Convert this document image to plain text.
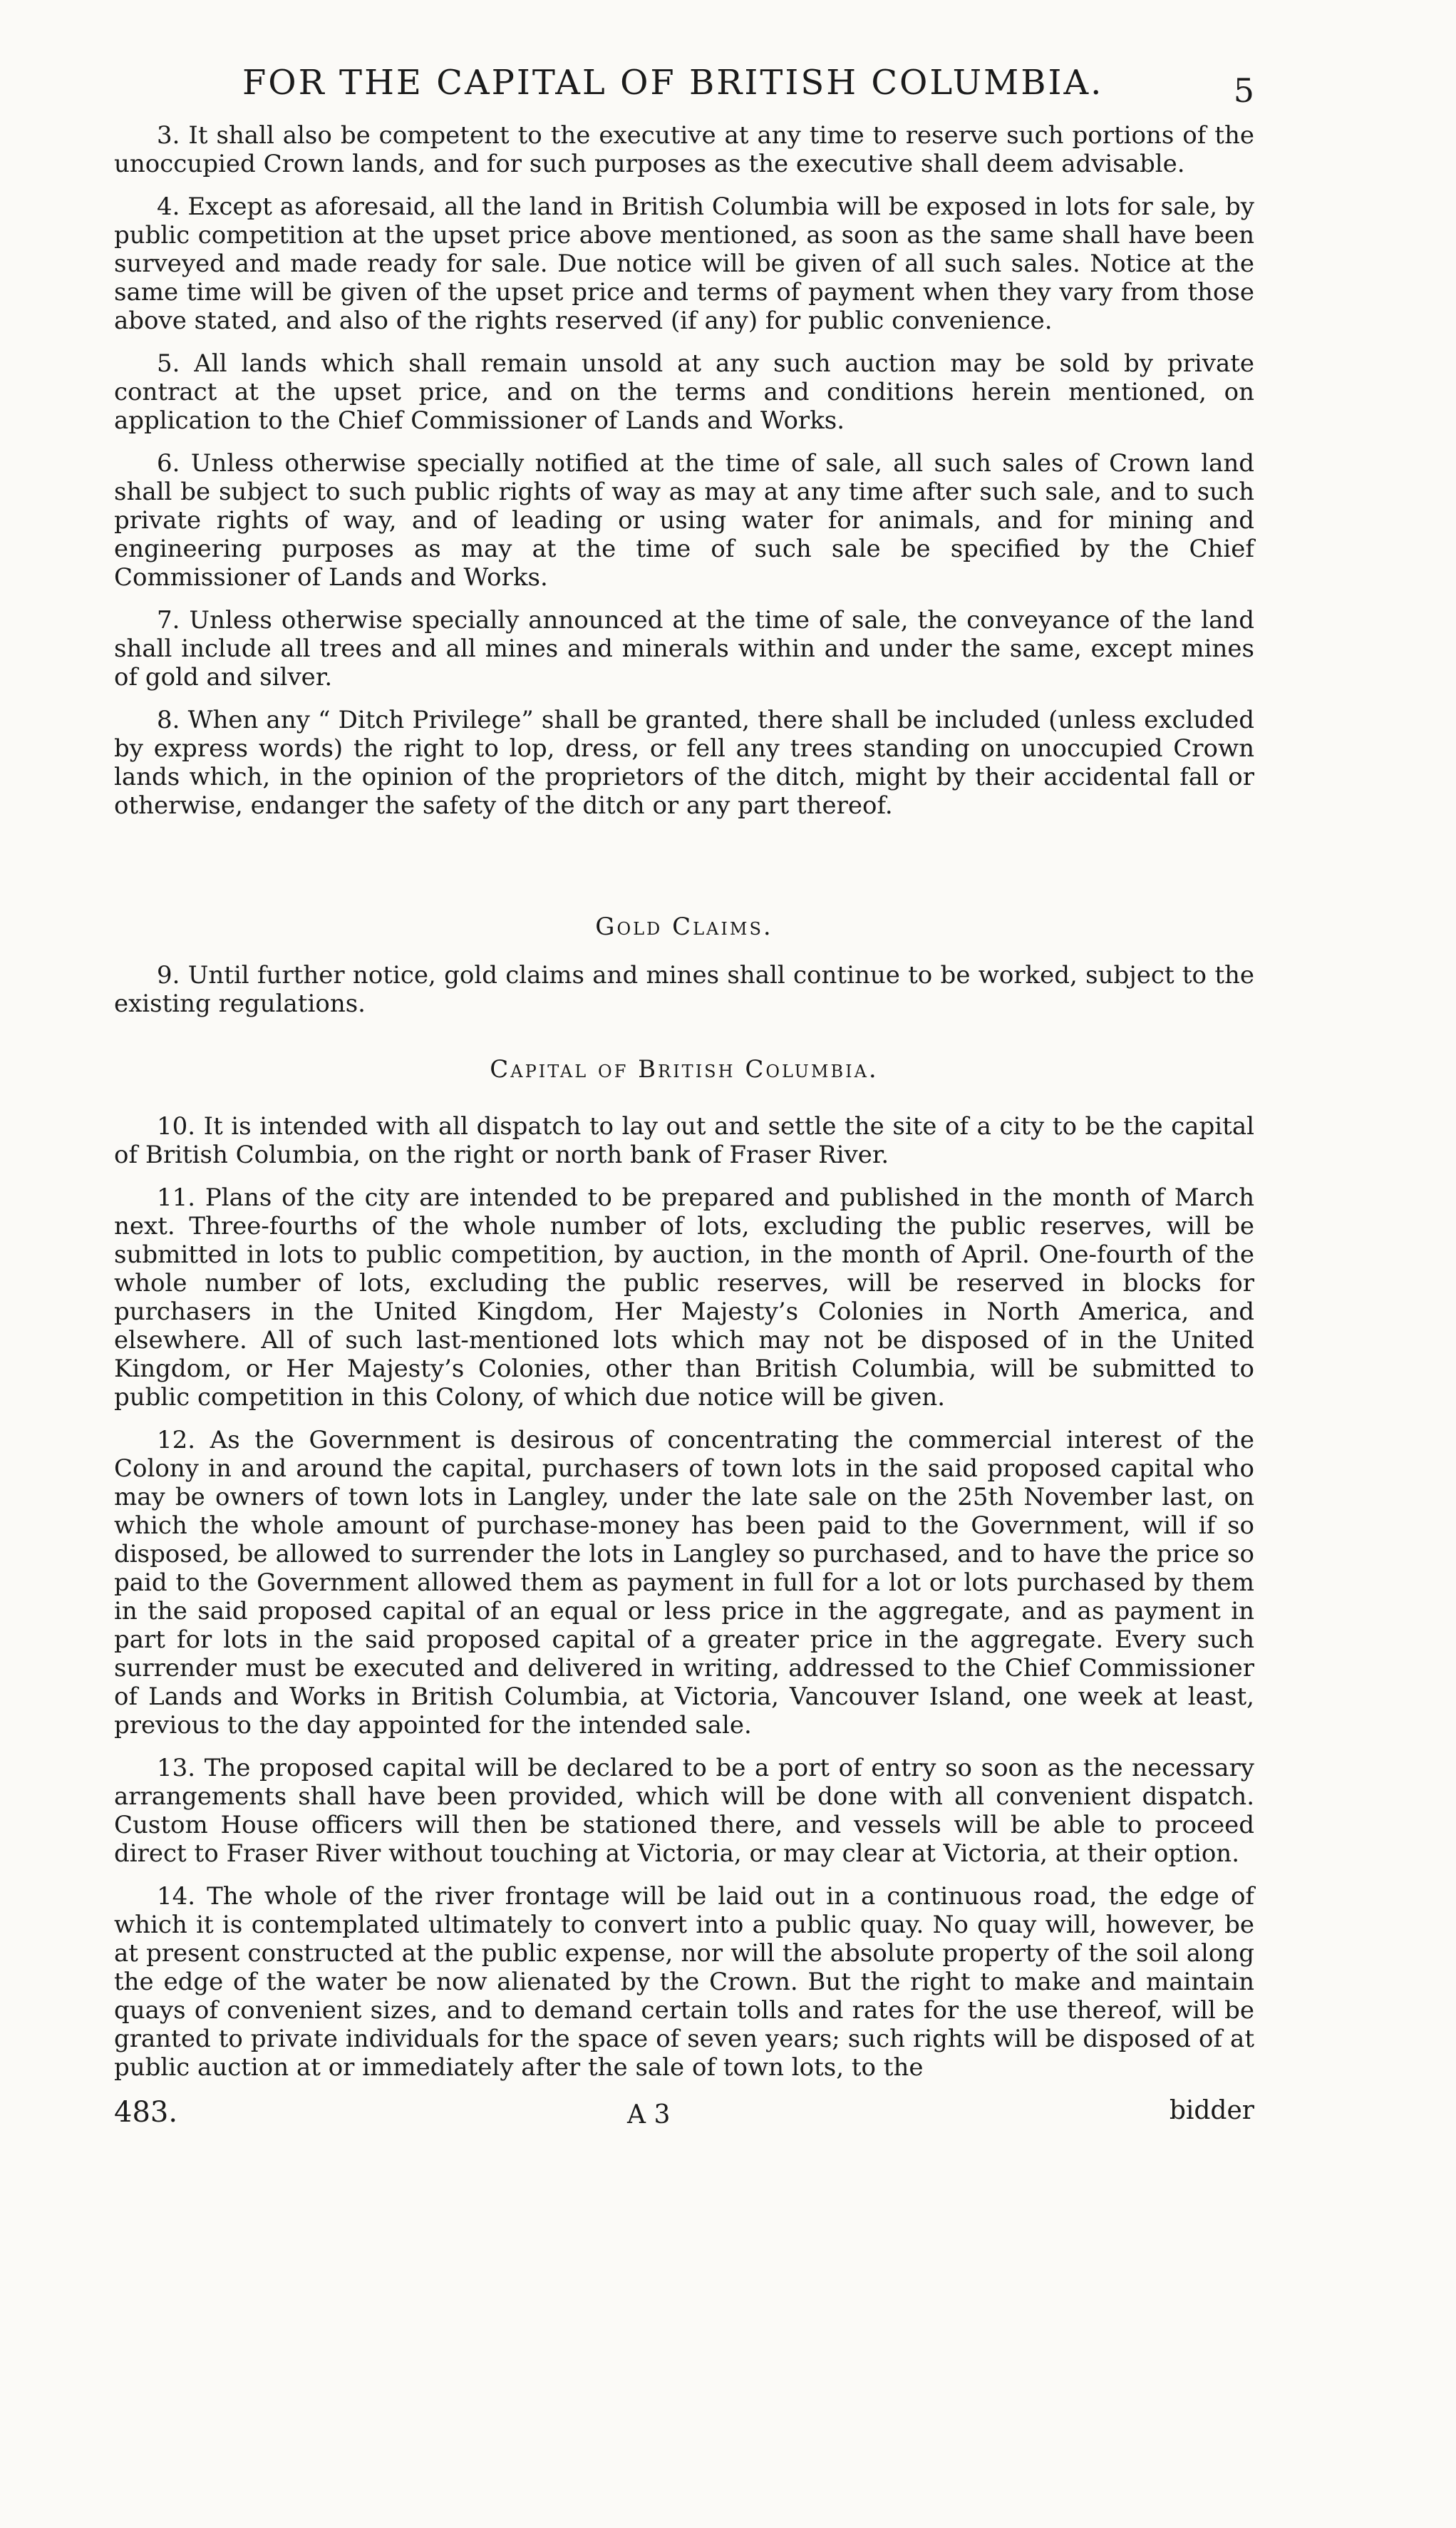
FOR THE CAPITAL OF BRITISH COLUMBIA.	5

3. It shall also be competent to the executive at any time to reserve such portions of the unoccupied Crown lands, and for such purposes as the executive shall deem advisable.

4. Except as aforesaid, all the land in British Columbia will be exposed in lots for sale, by public competition at the upset price above mentioned, as soon as the same shall have been surveyed and made ready for sale. Due notice will be given of all such sales. Notice at the same time will be given of the upset price and terms of payment when they vary from those above stated, and also of the rights reserved (if any) for public convenience.

5. All lands which shall remain unsold at any such auction may be sold by private contract at the upset price, and on the terms and conditions herein mentioned, on application to the Chief Commissioner of Lands and Works.

6. Unless otherwise specially notified at the time of sale, all such sales of Crown land shall be subject to such public rights of way as may at any time after such sale, and to such private rights of way, and of leading or using water for animals, and for mining and engineering purposes as may at the time of such sale be specified by the Chief Commissioner of Lands and Works.

7. Unless otherwise specially announced at the time of sale, the conveyance of the land shall include all trees and all mines and minerals within and under the same, except mines of gold and silver.

8. When any “ Ditch Privilege” shall be granted, there shall be included (unless excluded by express words) the right to lop, dress, or fell any trees standing on unoccupied Crown lands which, in the opinion of the proprietors of the ditch, might by their accidental fall or otherwise, endanger the safety of the ditch or any part thereof.

Gold Claims.

9. Until further notice, gold claims and mines shall continue to be worked, subject to the existing regulations.

Capital of British Columbia.

10. It is intended with all dispatch to lay out and settle the site of a city to be the capital of British Columbia, on the right or north bank of Fraser River.

11. Plans of the city are intended to be prepared and published in the month of March next. Three-fourths of the whole number of lots, excluding the public reserves, will be submitted in lots to public competition, by auction, in the month of April. One-fourth of the whole number of lots, excluding the public reserves, will be reserved in blocks for purchasers in the United Kingdom, Her Majesty’s Colonies in North America, and elsewhere. All of such last-mentioned lots which may not be disposed of in the United Kingdom, or Her Majesty’s Colonies, other than British Columbia, will be submitted to public competition in this Colony, of which due notice will be given.

12. As the Government is desirous of concentrating the commercial interest of the Colony in and around the capital, purchasers of town lots in the said proposed capital who may be owners of town lots in Langley, under the late sale on the 25th November last, on which the whole amount of purchase-money has been paid to the Government, will if so disposed, be allowed to surrender the lots in Langley so purchased, and to have the price so paid to the Government allowed them as payment in full for a lot or lots purchased by them in the said proposed capital of an equal or less price in the aggregate, and as payment in part for lots in the said proposed capital of a greater price in the aggregate. Every such surrender must be executed and delivered in writing, addressed to the Chief Commissioner of Lands and Works in British Columbia, at Victoria, Vancouver Island, one week at least, previous to the day appointed for the intended sale.

13. The proposed capital will be declared to be a port of entry so soon as the necessary arrangements shall have been provided, which will be done with all convenient dispatch. Custom House officers will then be stationed there, and vessels will be able to proceed direct to Fraser River without touching at Victoria, or may clear at Victoria, at their option.

14. The whole of the river frontage will be laid out in a continuous road, the edge of which it is contemplated ultimately to convert into a public quay. No quay will, however, be at present constructed at the public expense, nor will the absolute property of the soil along the edge of the water be now alienated by the Crown. But the right to make and maintain quays of convenient sizes, and to demand certain tolls and rates for the use thereof, will be granted to private individuals for the space of seven years; such rights will be disposed of at public auction at or immediately after the sale of town lots, to the

483.	A 3	bidder
